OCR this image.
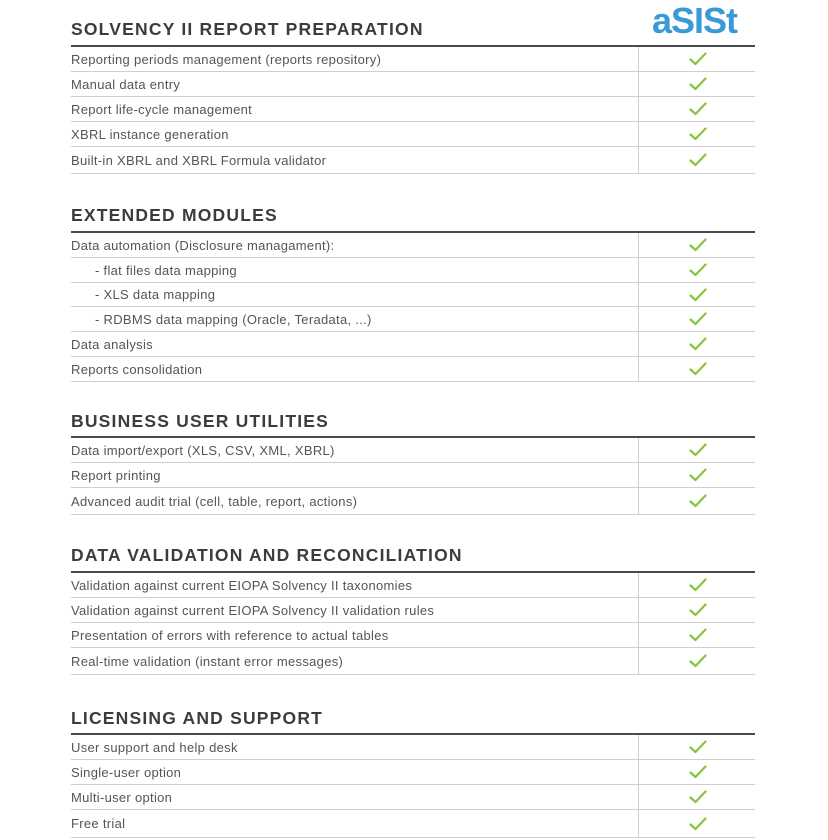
aSISt
SOLVENCY II REPORT PREPARATION
Reporting periods management (reports repository)
Manual data entry
Report life-cycle management
XBRL instance generation
Built-in XBRL and XBRL Formula validator
EXTENDED MODULES
Data automation (Disclosure managament):
- flat files data mapping
- XLS data mapping
- RDBMS data mapping (Oracle, Teradata, ...)
Data analysis
Reports consolidation
BUSINESS USER UTILITIES
Data import/export (XLS, CSV, XML, XBRL)
Report printing
Advanced audit trial (cell, table, report, actions)
DATA VALIDATION AND RECONCILIATION
Validation against current EIOPA Solvency II taxonomies
Validation against current EIOPA Solvency II validation rules
Presentation of errors with reference to actual tables
Real-time validation (instant error messages)
LICENSING AND SUPPORT
User support and help desk
Single-user option
Multi-user option
Free trial
